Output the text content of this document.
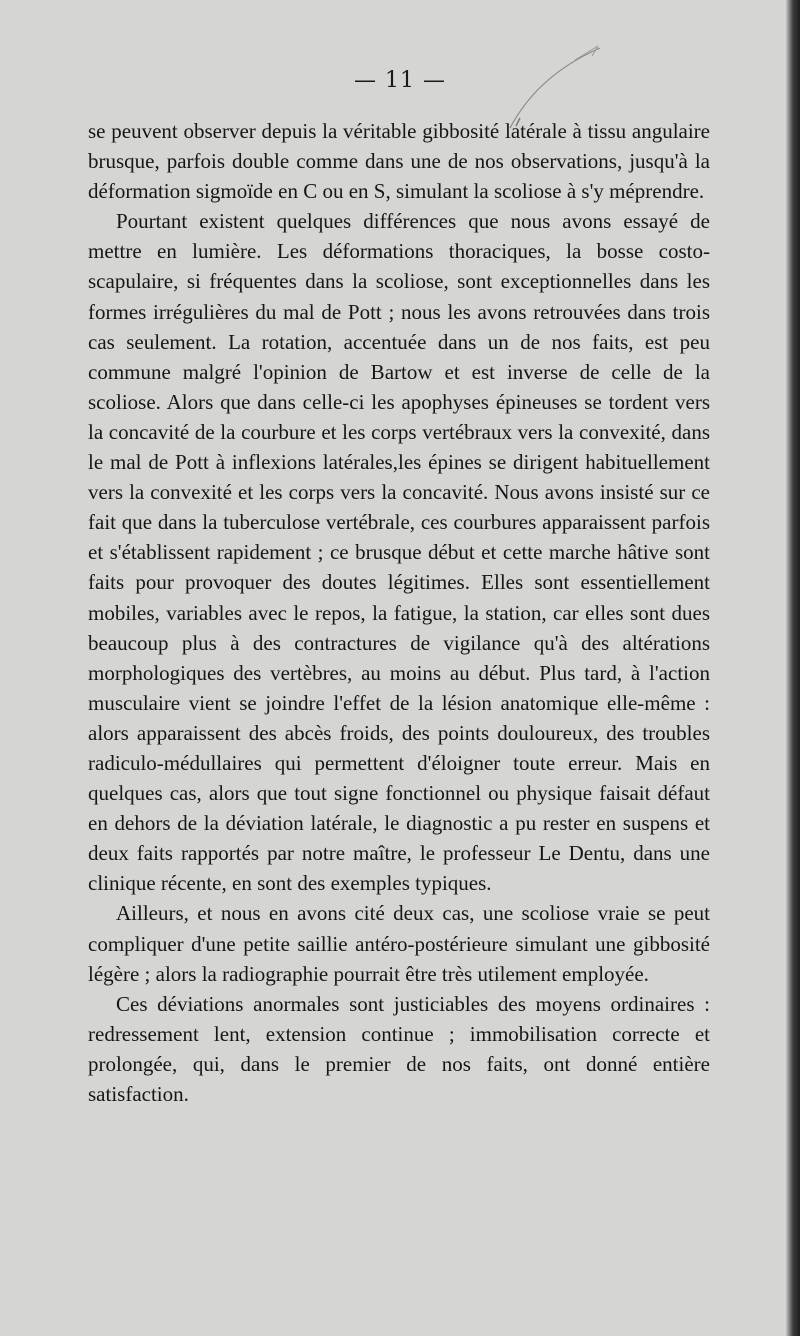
— 11 —

se peuvent observer depuis la véritable gibbosité latérale à tissu angulaire brusque, parfois double comme dans une de nos observations, jusqu'à la déformation sigmoïde en C ou en S, simulant la scoliose à s'y méprendre.

Pourtant existent quelques différences que nous avons essayé de mettre en lumière. Les déformations thoraciques, la bosse costo-scapulaire, si fréquentes dans la scoliose, sont exceptionnelles dans les formes irrégulières du mal de Pott ; nous les avons retrouvées dans trois cas seulement. La rotation, accentuée dans un de nos faits, est peu commune malgré l'opinion de Bartow et est inverse de celle de la scoliose. Alors que dans celle-ci les apophyses épineuses se tordent vers la concavité de la courbure et les corps vertébraux vers la convexité, dans le mal de Pott à inflexions latérales,les épines se dirigent habituellement vers la convexité et les corps vers la concavité. Nous avons insisté sur ce fait que dans la tuberculose vertébrale, ces courbures apparaissent parfois et s'établissent rapidement ; ce brusque début et cette marche hâtive sont faits pour provoquer des doutes légitimes. Elles sont essentiellement mobiles, variables avec le repos, la fatigue, la station, car elles sont dues beaucoup plus à des contractures de vigilance qu'à des altérations morphologiques des vertèbres, au moins au début. Plus tard, à l'action musculaire vient se joindre l'effet de la lésion anatomique elle-même : alors apparaissent des abcès froids, des points douloureux, des troubles radiculo-médullaires qui permettent d'éloigner toute erreur. Mais en quelques cas, alors que tout signe fonctionnel ou physique faisait défaut en dehors de la déviation latérale, le diagnostic a pu rester en suspens et deux faits rapportés par notre maître, le professeur Le Dentu, dans une clinique récente, en sont des exemples typiques.

Ailleurs, et nous en avons cité deux cas, une scoliose vraie se peut compliquer d'une petite saillie antéro-postérieure simulant une gibbosité légère ; alors la radiographie pourrait être très utilement employée.

Ces déviations anormales sont justiciables des moyens ordinaires : redressement lent, extension continue ; immobilisation correcte et prolongée, qui, dans le premier de nos faits, ont donné entière satisfaction.
